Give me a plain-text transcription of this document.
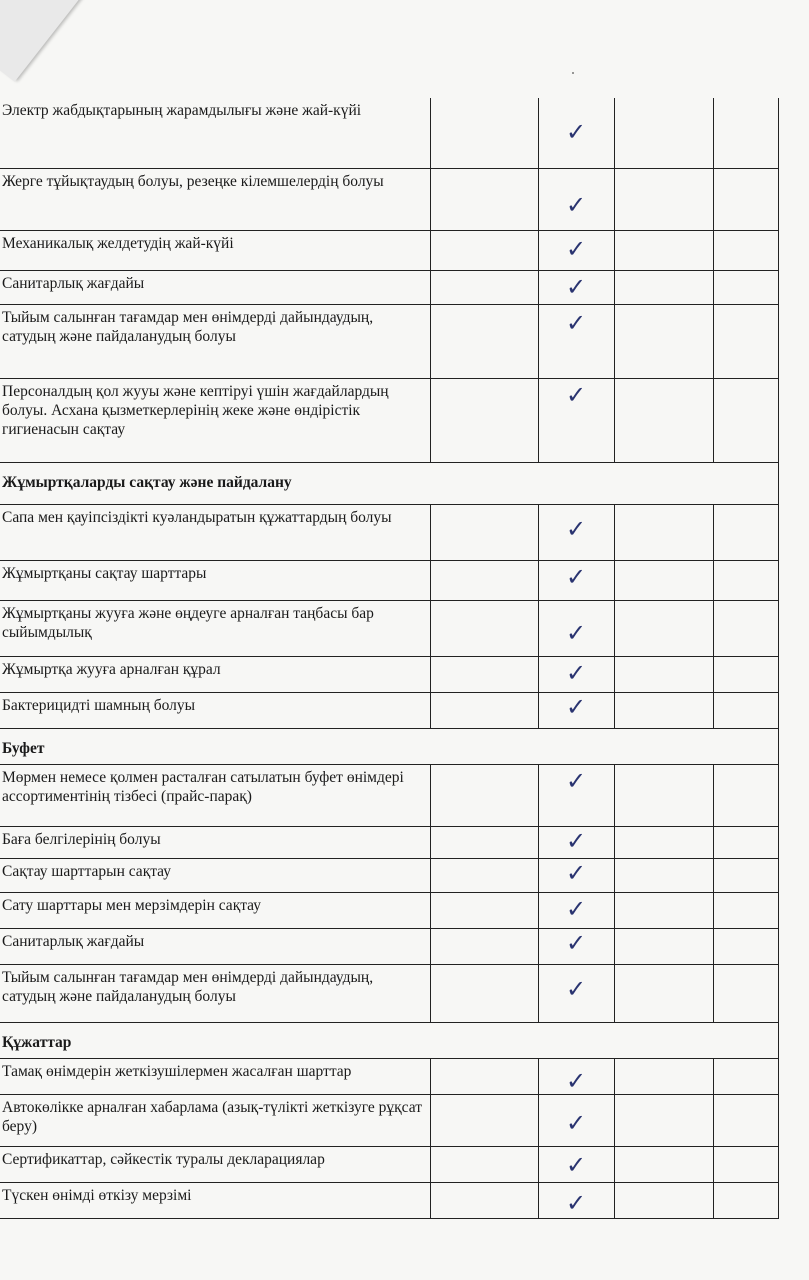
Электр жабдықтарының жарамдылығы және жай-күйі		✓		

Жерге тұйықтаудың болуы, резеңке кілемшелердің болуы		✓		

Механикалық желдетудің жай-күйі		✓		

Санитарлық жағдайы		✓		

Тыйым салынған тағамдар мен өнімдерді дайындаудың, сатудың және пайдаланудың болуы		✓		

Персоналдың қол жууы және кептіруі үшін жағдайлардың болуы. Асхана қызметкерлерінің жеке және өндірістік гигиенасын сақтау		✓		

Жұмыртқаларды сақтау және пайдалану				
Сапа мен қауіпсіздікті куәландыратын құжаттардың болуы		✓		

Жұмыртқаны сақтау шарттары		✓		

Жұмыртқаны жууға және өңдеуге арналған таңбасы бар сыйымдылық		✓		

Жұмыртқа жууға арналған құрал		✓		

Бактерицидті шамның болуы		✓		

Буфет				
Мөрмен немесе қолмен расталған сатылатын буфет өнімдері ассортиментінің тізбесі (прайс-парақ)		✓		

Баға белгілерінің болуы		✓		

Сақтау шарттарын сақтау		✓		

Сату шарттары мен мерзімдерін сақтау		✓		

Санитарлық жағдайы		✓		

Тыйым салынған тағамдар мен өнімдерді дайындаудың, сатудың және пайдаланудың болуы		✓		

Құжаттар				
Тамақ өнімдерін жеткізушілермен жасалған шарттар		✓		

Автокөлікке арналған хабарлама (азық-түлікті жеткізуге рұқсат беру)		✓		

Сертификаттар, сәйкестік туралы декларациялар		✓		

Түскен өнімді өткізу мерзімі		✓		
